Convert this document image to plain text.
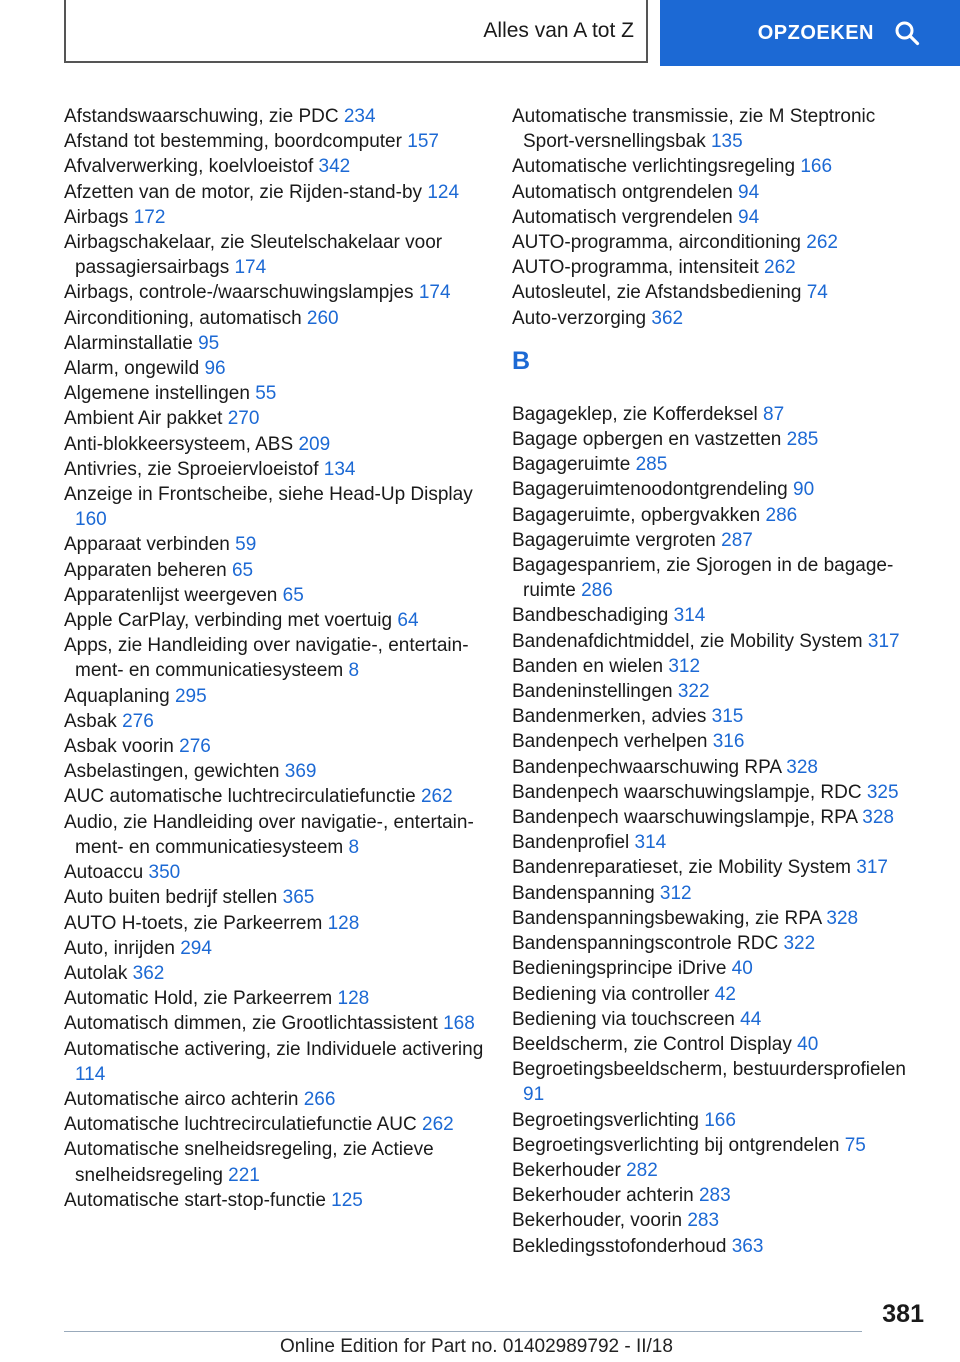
Alles van A tot Z	OPZOEKEN

Afstandswaarschuwing, zie PDC 234

Afstand tot bestemming, boordcomputer 157

Afvalverwerking, koelvloeistof 342

Afzetten van de motor, zie Rijden-stand-by 124

Airbags 172

Airbagschakelaar, zie Sleutelschakelaar voor passagiersairbags 174

Airbags, controle-/waarschuwingslampjes 174

Airconditioning, automatisch 260

Alarminstallatie 95

Alarm, ongewild 96

Algemene instellingen 55

Ambient Air pakket 270

Anti-blokkeersysteem, ABS 209

Antivries, zie Sproeiervloeistof 134

Anzeige in Frontscheibe, siehe Head-Up Display 160

Apparaat verbinden 59

Apparaten beheren 65

Apparatenlijst weergeven 65

Apple CarPlay, verbinding met voertuig 64

Apps, zie Handleiding over navigatie-, entertainment- en communicatiesysteem 8

Aquaplaning 295

Asbak 276

Asbak voorin 276

Asbelastingen, gewichten 369

AUC automatische luchtrecirculatiefunctie 262

Audio, zie Handleiding over navigatie-, entertainment- en communicatiesysteem 8

Autoaccu 350

Auto buiten bedrijf stellen 365

AUTO H-toets, zie Parkeerrem 128

Auto, inrijden 294

Autolak 362

Automatic Hold, zie Parkeerrem 128

Automatisch dimmen, zie Grootlichtassistent 168

Automatische activering, zie Individuele activering 114

Automatische airco achterin 266

Automatische luchtrecirculatiefunctie AUC 262

Automatische snelheidsregeling, zie Actieve snelheidsregeling 221

Automatische start-stop-functie 125

Automatische transmissie, zie M Steptronic Sport-versnellingsbak 135

Automatische verlichtingsregeling 166

Automatisch ontgrendelen 94

Automatisch vergrendelen 94

AUTO-programma, airconditioning 262

AUTO-programma, intensiteit 262

Autosleutel, zie Afstandsbediening 74

Auto-verzorging 362

B

Bagageklep, zie Kofferdeksel 87

Bagage opbergen en vastzetten 285

Bagageruimte 285

Bagageruimtenoodontgrendeling 90

Bagageruimte, opbergvakken 286

Bagageruimte vergroten 287

Bagagespanriem, zie Sjorogen in de bagageruimte 286

Bandbeschadiging 314

Bandenafdichtmiddel, zie Mobility System 317

Banden en wielen 312

Bandeninstellingen 322

Bandenmerken, advies 315

Bandenpech verhelpen 316

Bandenpechwaarschuwing RPA 328

Bandenpech waarschuwingslampje, RDC 325

Bandenpech waarschuwingslampje, RPA 328

Bandenprofiel 314

Bandenreparatieset, zie Mobility System 317

Bandenspanning 312

Bandenspanningsbewaking, zie RPA 328

Bandenspanningscontrole RDC 322

Bedieningsprincipe iDrive 40

Bediening via controller 42

Bediening via touchscreen 44

Beeldscherm, zie Control Display 40

Begroetingsbeeldscherm, bestuurdersprofielen 91

Begroetingsverlichting 166

Begroetingsverlichting bij ontgrendelen 75

Bekerhouder 282

Bekerhouder achterin 283

Bekerhouder, voorin 283

Bekledingsstofonderhoud 363

381
Online Edition for Part no. 01402989792 - II/18
